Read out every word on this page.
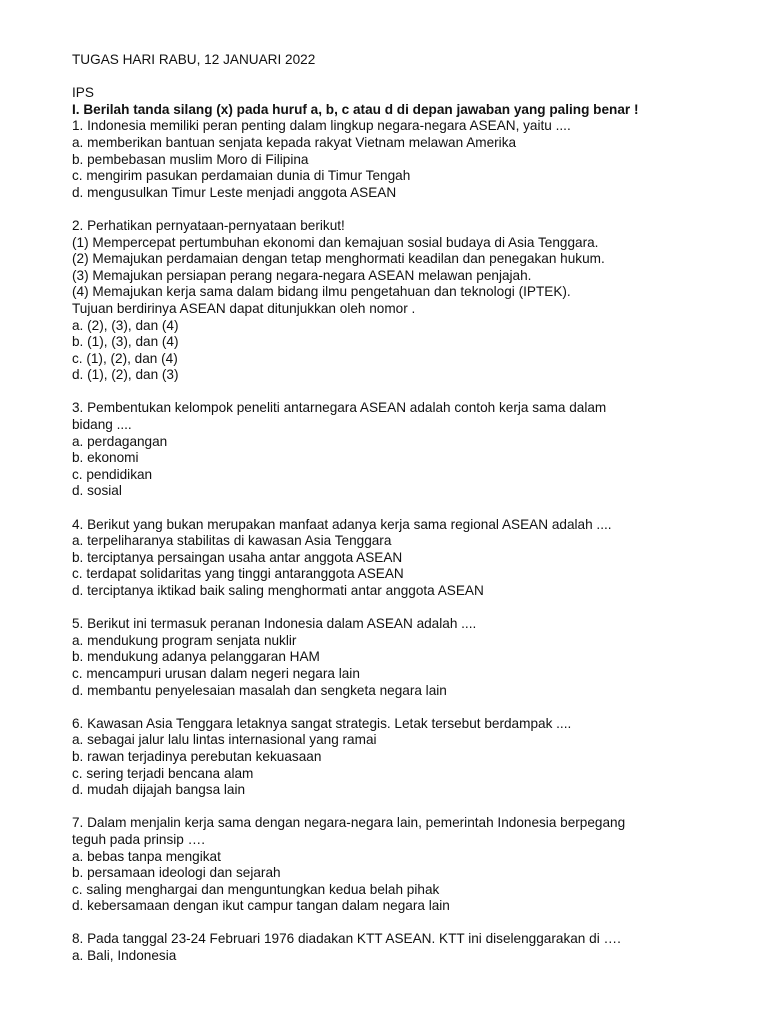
TUGAS HARI RABU, 12 JANUARI 2022
IPS
I. Berilah tanda silang (x) pada huruf a, b, c atau d di depan jawaban yang paling benar !
1. Indonesia memiliki peran penting dalam lingkup negara-negara ASEAN, yaitu ....
a. memberikan bantuan senjata kepada rakyat Vietnam melawan Amerika
b. pembebasan muslim Moro di Filipina
c. mengirim pasukan perdamaian dunia di Timur Tengah
d. mengusulkan Timur Leste menjadi anggota ASEAN
2. Perhatikan pernyataan-pernyataan berikut!
(1) Mempercepat pertumbuhan ekonomi dan kemajuan sosial budaya di Asia Tenggara.
(2) Memajukan perdamaian dengan tetap menghormati keadilan dan penegakan hukum.
(3) Memajukan persiapan perang negara-negara ASEAN melawan penjajah.
(4) Memajukan kerja sama dalam bidang ilmu pengetahuan dan teknologi (IPTEK).
Tujuan berdirinya ASEAN dapat ditunjukkan oleh nomor .
a. (2), (3), dan (4)
b. (1), (3), dan (4)
c. (1), (2), dan (4)
d. (1), (2), dan (3)
3. Pembentukan kelompok peneliti antarnegara ASEAN adalah contoh kerja sama dalam
bidang ....
a. perdagangan
b. ekonomi
c. pendidikan
d. sosial
4. Berikut yang bukan merupakan manfaat adanya kerja sama regional ASEAN adalah ....
a. terpeliharanya stabilitas di kawasan Asia Tenggara
b. terciptanya persaingan usaha antar anggota ASEAN
c. terdapat solidaritas yang tinggi antaranggota ASEAN
d. terciptanya iktikad baik saling menghormati antar anggota ASEAN
5. Berikut ini termasuk peranan Indonesia dalam ASEAN adalah ....
a. mendukung program senjata nuklir
b. mendukung adanya pelanggaran HAM
c. mencampuri urusan dalam negeri negara lain
d. membantu penyelesaian masalah dan sengketa negara lain
6. Kawasan Asia Tenggara letaknya sangat strategis. Letak tersebut berdampak ....
a. sebagai jalur lalu lintas internasional yang ramai
b. rawan terjadinya perebutan kekuasaan
c. sering terjadi bencana alam
d. mudah dijajah bangsa lain
7. Dalam menjalin kerja sama dengan negara-negara lain, pemerintah Indonesia berpegang
teguh pada prinsip ….
a. bebas tanpa mengikat
b. persamaan ideologi dan sejarah
c. saling menghargai dan menguntungkan kedua belah pihak
d. kebersamaan dengan ikut campur tangan dalam negara lain
8. Pada tanggal 23-24 Februari 1976 diadakan KTT ASEAN. KTT ini diselenggarakan di ….
a. Bali, Indonesia
